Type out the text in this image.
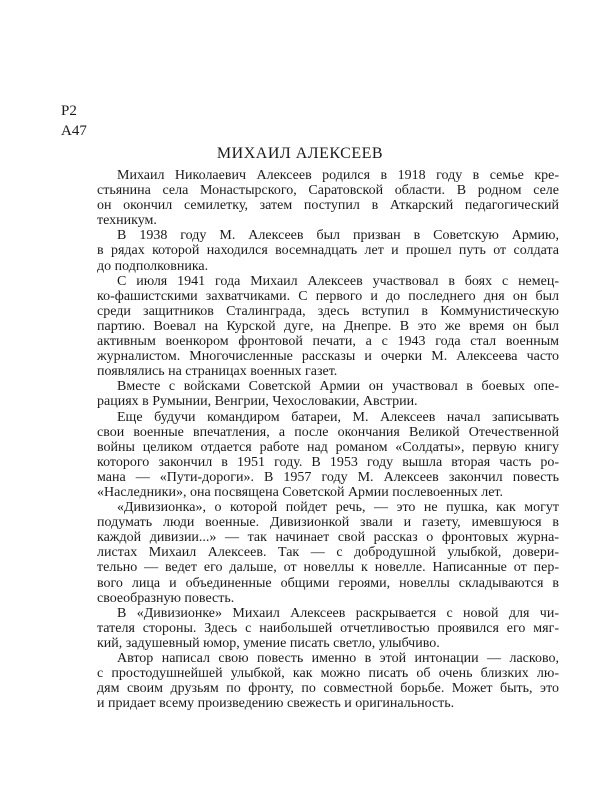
Р2
А47
МИХАИЛ АЛЕКСЕЕВ
Михаил Николаевич Алексеев родился в 1918 году в семье кре-
стьянина села Монастырского, Саратовской области. В родном селе
он окончил семилетку, затем поступил в Аткарский педагогический
техникум.
В 1938 году М. Алексеев был призван в Советскую Армию,
в рядах которой находился восемнадцать лет и прошел путь от солдата
до подполковника.
С июля 1941 года Михаил Алексеев участвовал в боях с немец-
ко-фашистскими захватчиками. С первого и до последнего дня он был
среди защитников Сталинграда, здесь вступил в Коммунистическую
партию. Воевал на Курской дуге, на Днепре. В это же время он был
активным военкором фронтовой печати, а с 1943 года стал военным
журналистом. Многочисленные рассказы и очерки М. Алексеева часто
появлялись на страницах военных газет.
Вместе с войсками Советской Армии он участвовал в боевых опе-
рациях в Румынии, Венгрии, Чехословакии, Австрии.
Еще будучи командиром батареи, М. Алексеев начал записывать
свои военные впечатления, а после окончания Великой Отечественной
войны целиком отдается работе над романом «Солдаты», первую книгу
которого закончил в 1951 году. В 1953 году вышла вторая часть ро-
мана — «Пути-дороги». В 1957 году М. Алексеев закончил повесть
«Наследники», она посвящена Советской Армии послевоенных лет.
«Дивизионка», о которой пойдет речь, — это не пушка, как могут
подумать люди военные. Дивизионкой звали и газету, имевшуюся в
каждой дивизии...» — так начинает свой рассказ о фронтовых журна-
листах Михаил Алексеев. Так — с добродушной улыбкой, довери-
тельно — ведет его дальше, от новеллы к новелле. Написанные от пер-
вого лица и объединенные общими героями, новеллы складываются в
своеобразную повесть.
В «Дивизионке» Михаил Алексеев раскрывается с новой для чи-
тателя стороны. Здесь с наибольшей отчетливостью проявился его мяг-
кий, задушевный юмор, умение писать светло, улыбчиво.
Автор написал свою повесть именно в этой интонации — ласково,
с простодушнейшей улыбкой, как можно писать об очень близких лю-
дям своим друзьям по фронту, по совместной борьбе. Может быть, это
и придает всему произведению свежесть и оригинальность.
